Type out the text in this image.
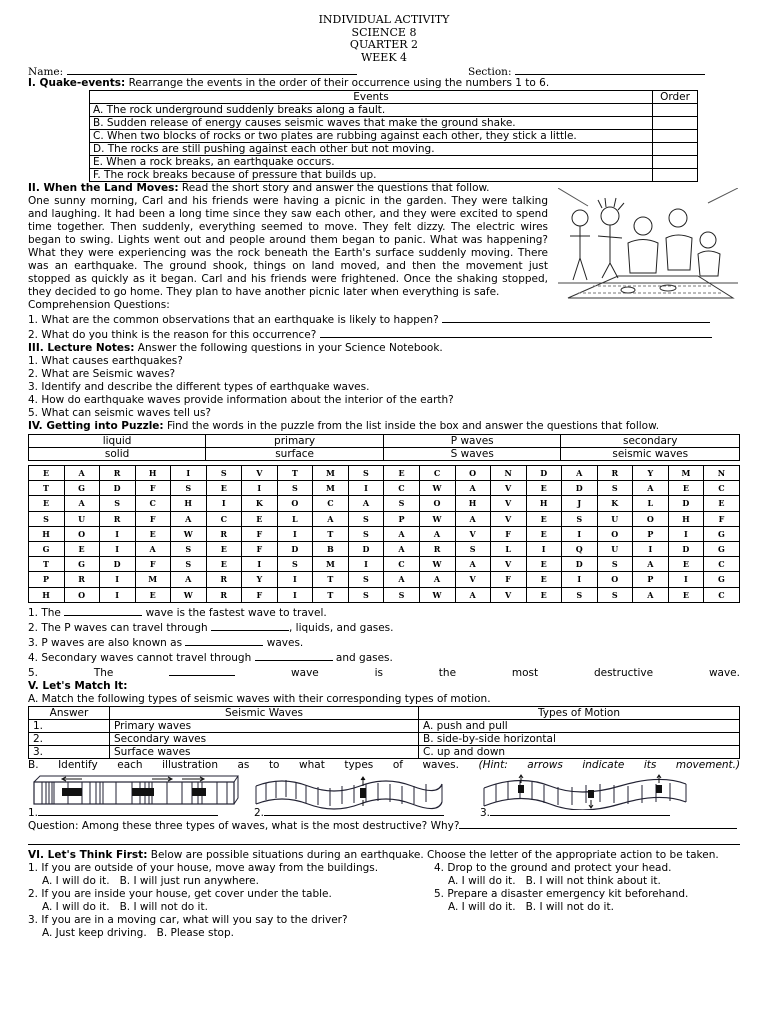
INDIVIDUAL ACTIVITY
SCIENCE 8
QUARTER 2
WEEK 4
Name:	Section:
I. Quake-events: Rearrange the events in the order of their occurrence using the numbers 1 to 6.
Events	Order
A. The rock underground suddenly breaks along a fault.	
B. Sudden release of energy causes seismic waves that make the ground shake.	
C. When two blocks of rocks or two plates are rubbing against each other, they stick a little.	
D. The rocks are still pushing against each other but not moving.	
E. When a rock breaks, an earthquake occurs.	
F. The rock breaks because of pressure that builds up.	
II. When the Land Moves: Read the short story and answer the questions that follow.
One sunny morning, Carl and his friends were having a picnic in the garden. They were talking and laughing. It had been a long time since they saw each other, and they were excited to spend time together. Then suddenly, everything seemed to move. They felt dizzy. The electric wires began to swing. Lights went out and people around them began to panic. What was happening? What they were experiencing was the rock beneath the Earth's surface suddenly moving. There was an earthquake. The ground shook, things on land moved, and then the movement just stopped as quickly as it began. Carl and his friends were frightened. Once the shaking stopped, they decided to go home. They plan to have another picnic later when everything is safe.
Comprehension Questions:
1. What are the common observations that an earthquake is likely to happen?
2. What do you think is the reason for this occurrence?
III. Lecture Notes: Answer the following questions in your Science Notebook.
1. What causes earthquakes?
2. What are Seismic waves?
3. Identify and describe the different types of earthquake waves.
4. How do earthquake waves provide information about the interior of the earth?
5. What can seismic waves tell us?
IV. Getting into Puzzle: Find the words in the puzzle from the list inside the box and answer the questions that follow.
liquid	primary	P waves	secondary
solid	surface	S waves	seismic waves
E	A	R	H	I	S	V	T	M	S	E	C	O	N	D	A	R	Y	M	N
T	G	D	F	S	E	I	S	M	I	C	W	A	V	E	D	S	A	E	C
E	A	S	C	H	I	K	O	C	A	S	O	H	V	H	J	K	L	D	E
S	U	R	F	A	C	E	L	A	S	P	W	A	V	E	S	U	O	H	F
H	O	I	E	W	R	F	I	T	S	A	A	V	F	E	I	O	P	I	G
G	E	I	A	S	E	F	D	B	D	A	R	S	L	I	Q	U	I	D	G
T	G	D	F	S	E	I	S	M	I	C	W	A	V	E	D	S	A	E	C
P	R	I	M	A	R	Y	I	T	S	A	A	V	F	E	I	O	P	I	G
H	O	I	E	W	R	F	I	T	S	S	W	A	V	E	S	S	A	E	C
1. The	wave is the fastest wave to travel.
2. The P waves can travel through	, liquids, and gases.
3. P waves are also known as	waves.
4. Secondary waves cannot travel through	and gases.
5.	The	wave	is	the	most	destructive	wave.
V. Let's Match It:
A. Match the following types of seismic waves with their corresponding types of motion.
Answer	Seismic Waves	Types of Motion
1.	Primary waves	A. push and pull
2.	Secondary waves	B. side-by-side horizontal
3.	Surface waves	C. up and down
B. Identify each illustration as to what types of waves. (Hint: arrows indicate its movement.)
1.	2.	3.
Question: Among these three types of waves, what is the most destructive? Why?
VI. Let's Think First: Below are possible situations during an earthquake. Choose the letter of the appropriate action to be taken.
1. If you are outside of your house, move away from the buildings.
A. I will do it.   B. I will just run anywhere.
2. If you are inside your house, get cover under the table.
A. I will do it.   B. I will not do it.
3. If you are in a moving car, what will you say to the driver?
A. Just keep driving.   B. Please stop.
4. Drop to the ground and protect your head.
A. I will do it.   B. I will not think about it.
5. Prepare a disaster emergency kit beforehand.
A. I will do it.   B. I will not do it.
